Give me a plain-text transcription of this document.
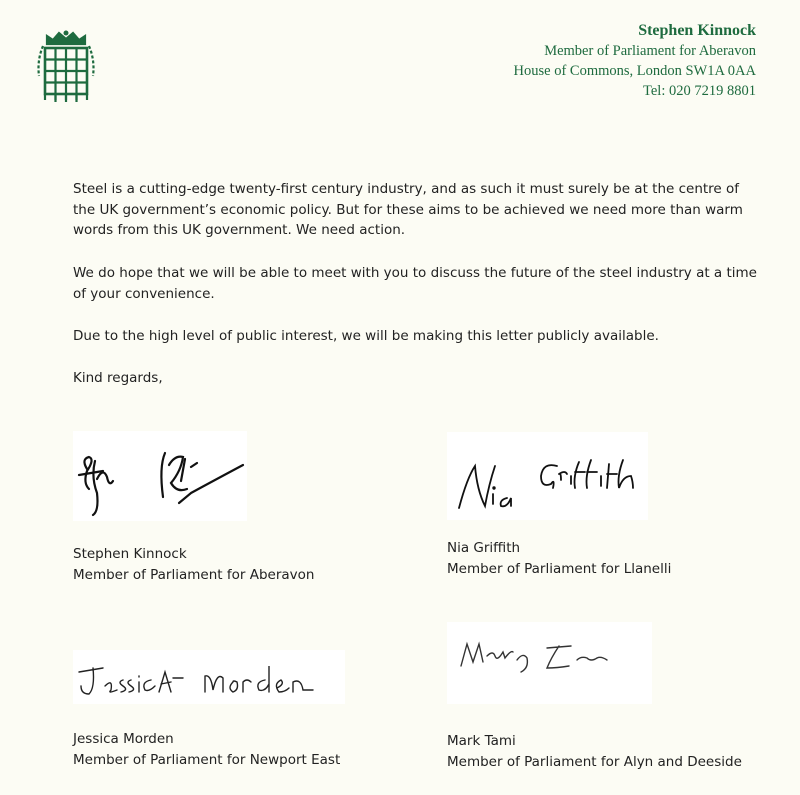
Stephen Kinnock
Member of Parliament for Aberavon
House of Commons, London SW1A 0AA
Tel: 020 7219 8801
Steel is a cutting-edge twenty-first century industry, and as such it must surely be at the centre of the UK government’s economic policy. But for these aims to be achieved we need more than warm words from this UK government. We need action.
We do hope that we will be able to meet with you to discuss the future of the steel industry at a time of your convenience.
Due to the high level of public interest, we will be making this letter publicly available.
Kind regards,
Stephen Kinnock
Member of Parliament for Aberavon
Nia Griffith
Member of Parliament for Llanelli
Jessica Morden
Member of Parliament for Newport East
Mark Tami
Member of Parliament for Alyn and Deeside
